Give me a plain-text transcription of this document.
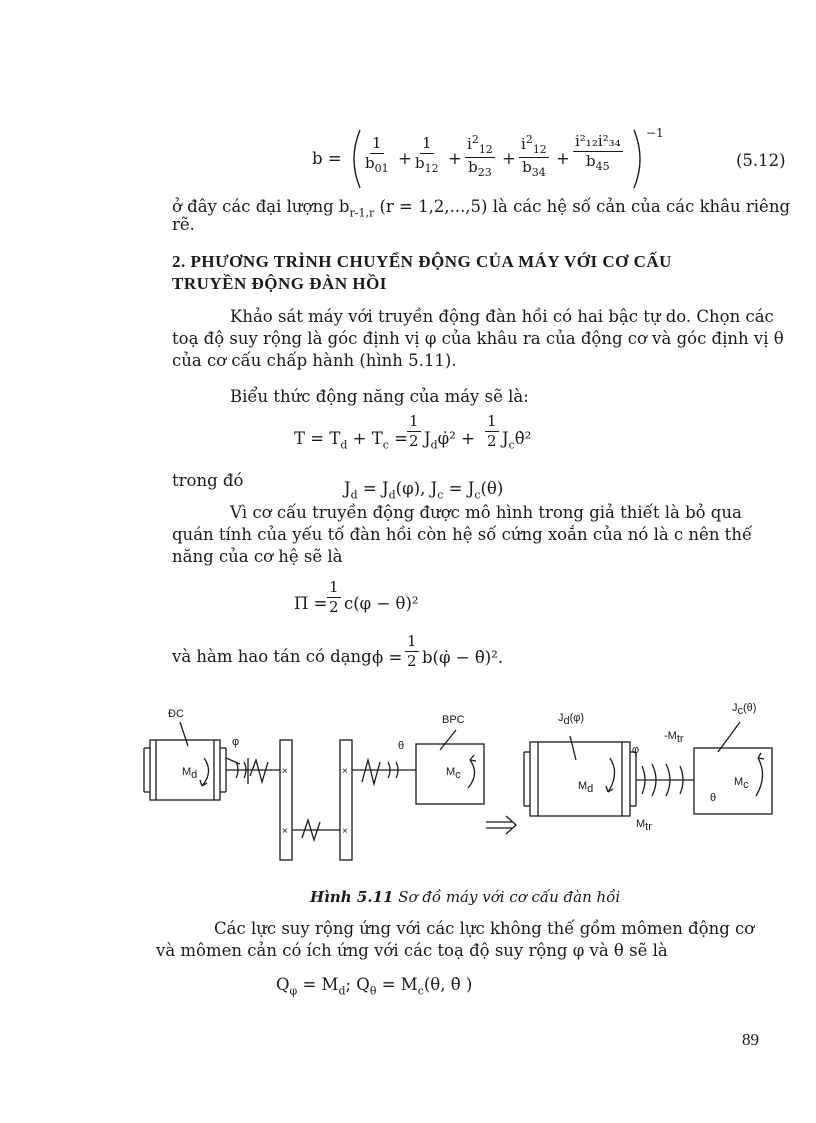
$b = \frac{1}{b_{01}} + \frac{1}{b_{12}} + \frac{i^2_{12}}{b_{23}} + \frac{i^2_{12}}{b_{34}} + \frac{\text{i²₁₂i²₃₄}}{b_{45}}$
−1
(5.12)
ở đây các đại lượng $b_{r-1,r}$ (r = 1,2,...,5) là các hệ số cản của các khâu riêng
rẽ.
2. PHƯƠNG TRÌNH CHUYỂN ĐỘNG CỦA MÁY VỚI CƠ CẤU
TRUYỀN ĐỘNG ĐÀN HỒI
Khảo sát máy với truyền động đàn hồi có hai bậc tự do. Chọn các
toạ độ suy rộng là góc định vị φ của khâu ra của động cơ và góc định vị θ
của cơ cấu chấp hành (hình 5.11).
Biểu thức động năng của máy sẽ là:
$T = T_d + T_c = \frac{1}{2}$ $J_d\varphi̇^2 + \frac{1}{2}$ $J_c\thetȧ^2$
trong đó	$J_d = J_d(\varphi)$, $J_c = J_c(\theta)$
Vì cơ cấu truyền động được mô hình trong giả thiết là bỏ qua
quán tính của yếu tố đàn hồi còn hệ số cứng xoắn của nó là c nên thế
năng của cơ hệ sẽ là
$\Pi = \frac{1}{2} c(\varphi - \theta)^2$
và hàm hao tán có dạng $\phi = \frac{1}{2}$ b(φ̇ − θ̇)².
×
×
×
×
ĐC
$M_d$
φ
BPC
θ
$M_c$
$J_d(\varphi)$
$M_d$
φ
$-M_{tr}$
$J_c(\theta)$
$M_c$
θ
$M_{tr}$
Hình 5.11 Sơ đồ máy với cơ cấu đàn hồi
Các lực suy rộng ứng với các lực không thế gồm mômen động cơ
và mômen cản có ích ứng với các toạ độ suy rộng φ và θ sẽ là
$Q_\varphi = M_d$; $Q_\theta = M_c(\theta$, θ̇ )
89
